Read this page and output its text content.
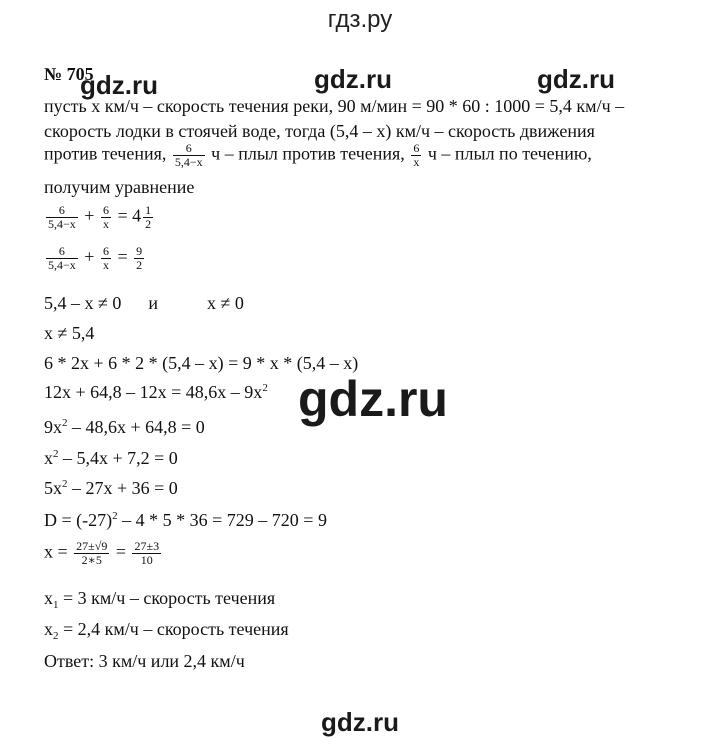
гдз.ру
№ 705
gdz.ru	gdz.ru	gdz.ru
пусть x км/ч – скорость течения реки, 90 м/мин = 90 * 60 : 1000 = 5,4 км/ч –
скорость лодки в стоячей воде, тогда (5,4 – x) км/ч – скорость движения
против течения, $\frac{6}{5,4-x}$ ч – плыл против течения, $\frac{6}{x}$ ч – плыл по течению,
получим уравнение
$\frac{6}{5,4-x} + \frac{6}{x} = 4 \frac{1}{2}$
$\frac{6}{5,4-x} + \frac{6}{x} = \frac{9}{2}$
5,4 – x ≠ 0 и	x ≠ 0
x ≠ 5,4
6 * 2x + 6 * 2 * (5,4 – x) = 9 * x * (5,4 – x)
$12x + 64,8 - 12x = 48,6x - 9x^2$
$9x^2 - 48,6x + 64,8 = 0$
$x^2 - 5,4x + 7,2 = 0$
$5x^2 - 27x + 36 = 0$
$D = (-27)^2 - 4 * 5 * 36 = 729 - 720 = 9$
$x = \frac{27\pm√9}{2∗5} = \frac{27\pm 3}{10}$
$x_1 = 3$ км/ч – скорость течения
$x_2 = 2,4$ км/ч – скорость течения
Ответ: 3 км/ч или 2,4 км/ч
gdz.ru
gdz.ru
